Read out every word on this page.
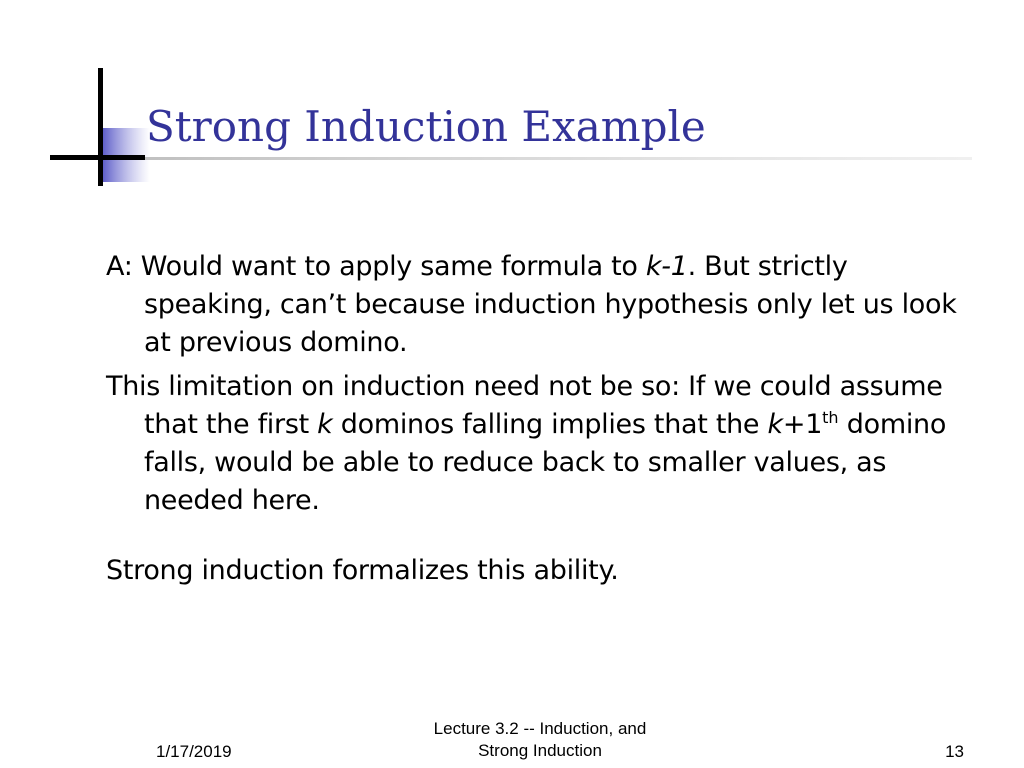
Strong Induction Example

A: Would want to apply same formula to k-1. But strictly speaking, can’t because induction hypothesis only let us look at previous domino.

This limitation on induction need not be so: If we could assume that the first k dominos falling implies that the k+1th domino falls, would be able to reduce back to smaller values, as needed here.

Strong induction formalizes this ability.

1/17/2019
Lecture 3.2 -- Induction, and
Strong Induction	13
